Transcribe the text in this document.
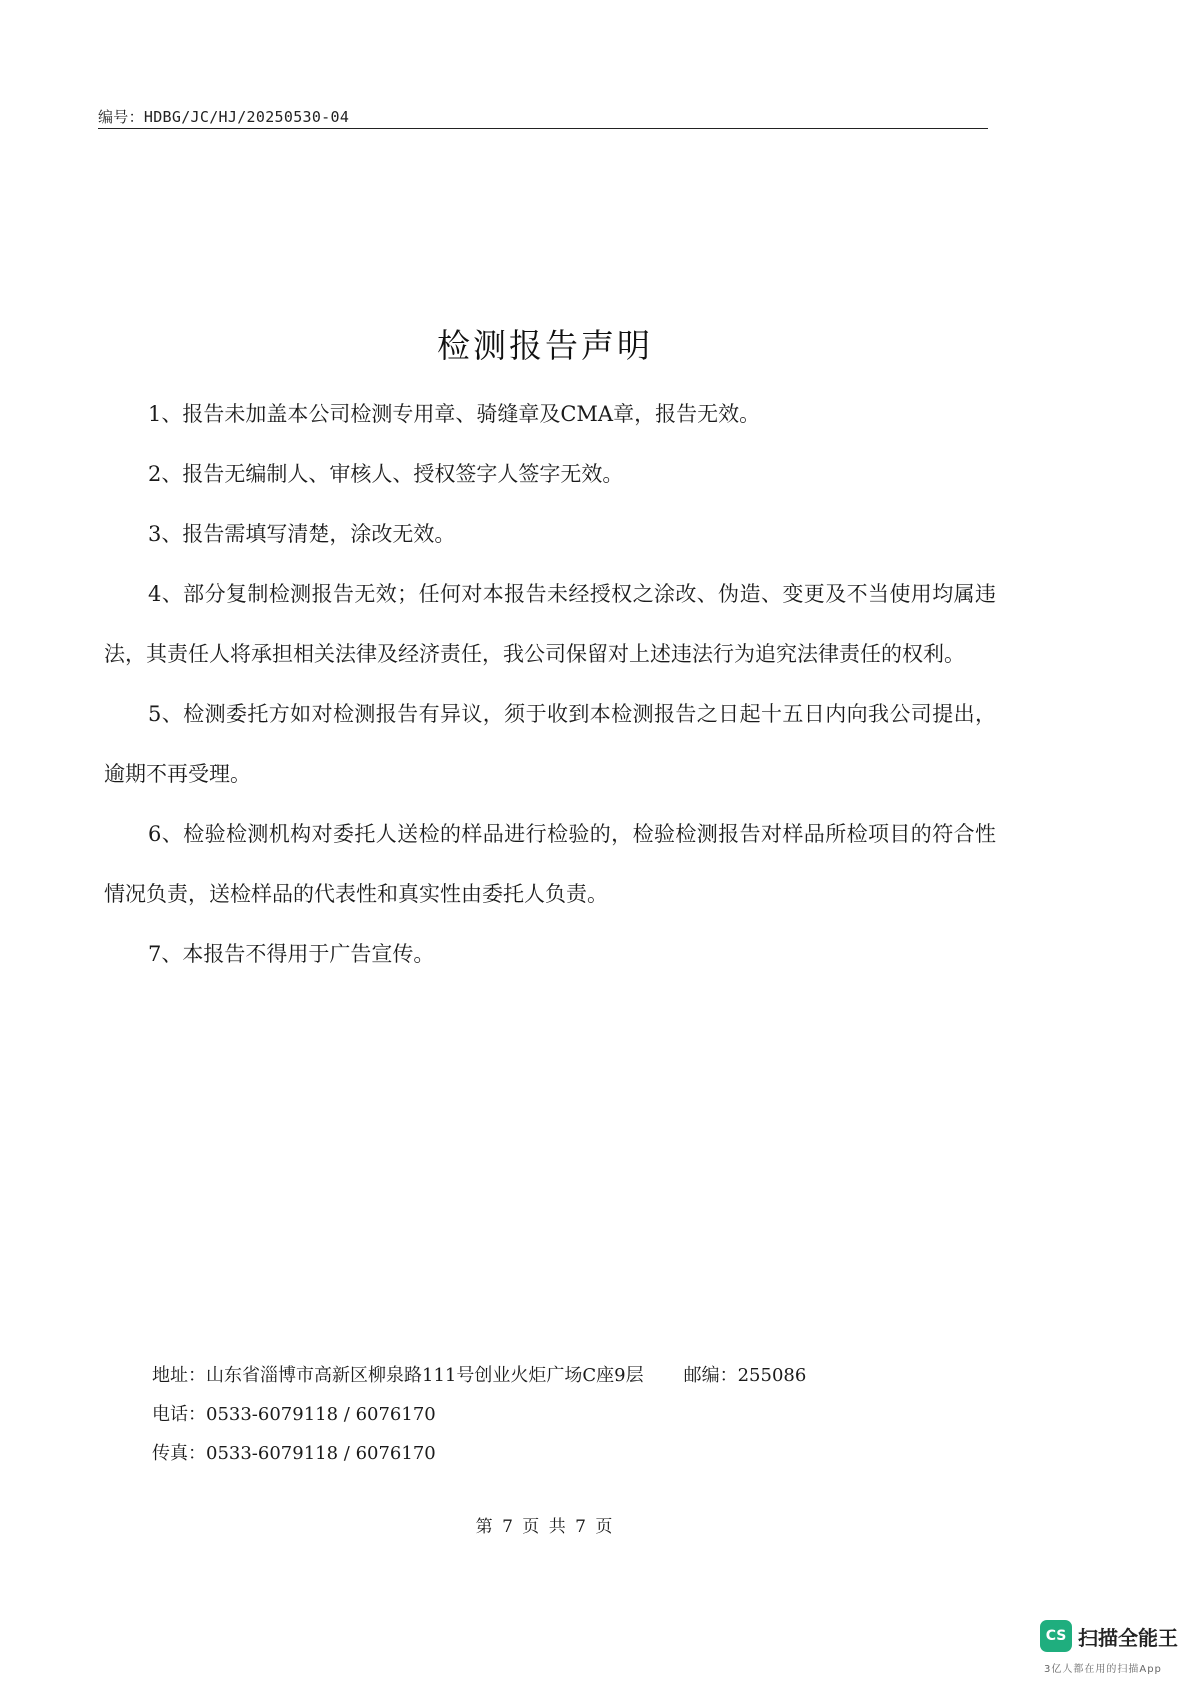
编号：HDBG/JC/HJ/20250530-04
检测报告声明

1、报告未加盖本公司检测专用章、骑缝章及CMA章，报告无效。

2、报告无编制人、审核人、授权签字人签字无效。

3、报告需填写清楚，涂改无效。

4、部分复制检测报告无效；任何对本报告未经授权之涂改、伪造、变更及不当使用均属违法，其责任人将承担相关法律及经济责任，我公司保留对上述违法行为追究法律责任的权利。

5、检测委托方如对检测报告有异议，须于收到本检测报告之日起十五日内向我公司提出，逾期不再受理。

6、检验检测机构对委托人送检的样品进行检验的，检验检测报告对样品所检项目的符合性情况负责，送检样品的代表性和真实性由委托人负责。

7、本报告不得用于广告宣传。

地址：山东省淄博市高新区柳泉路111号创业火炬广场C座9层 邮编：255086
电话：0533-6079118 / 6076170
传真：0533-6079118 / 6076170
第 7 页 共 7 页
CS 扫描全能王
3亿人都在用的扫描App
